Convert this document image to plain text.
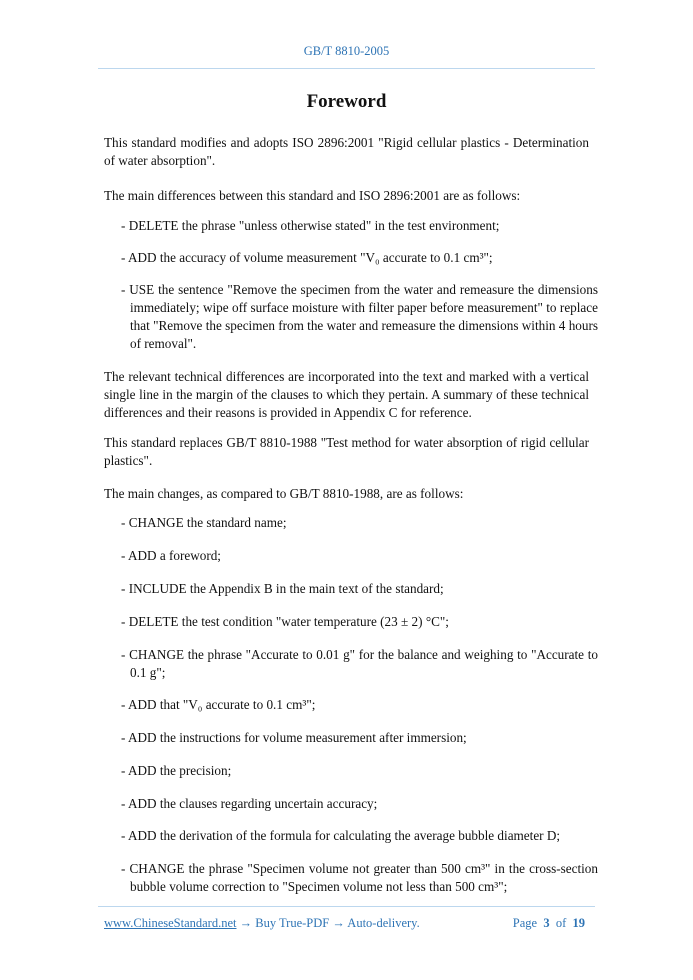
GB/T 8810-2005
Foreword

This standard modifies and adopts ISO 2896:2001 "Rigid cellular plastics - Determination of water absorption".

The main differences between this standard and ISO 2896:2001 are as follows:

- DELETE the phrase "unless otherwise stated" in the test environment;

- ADD the accuracy of volume measurement "V₀ accurate to 0.1 cm³";

- USE the sentence "Remove the specimen from the water and remeasure the dimensions immediately; wipe off surface moisture with filter paper before measurement" to replace that "Remove the specimen from the water and remeasure the dimensions within 4 hours of removal".

The relevant technical differences are incorporated into the text and marked with a vertical single line in the margin of the clauses to which they pertain. A summary of these technical differences and their reasons is provided in Appendix C for reference.

This standard replaces GB/T 8810-1988 "Test method for water absorption of rigid cellular plastics".

The main changes, as compared to GB/T 8810-1988, are as follows:

- CHANGE the standard name;

- ADD a foreword;

- INCLUDE the Appendix B in the main text of the standard;

- DELETE the test condition "water temperature (23 ± 2) °C";

- CHANGE the phrase "Accurate to 0.01 g" for the balance and weighing to "Accurate to 0.1 g";

- ADD that "V₀ accurate to 0.1 cm³";

- ADD the instructions for volume measurement after immersion;

- ADD the precision;

- ADD the clauses regarding uncertain accuracy;

- ADD the derivation of the formula for calculating the average bubble diameter D;

- CHANGE the phrase "Specimen volume not greater than 500 cm³" in the cross-section bubble volume correction to "Specimen volume not less than 500 cm³";

www.ChineseStandard.net → Buy True-PDF → Auto-delivery.	Page 3 of 19
